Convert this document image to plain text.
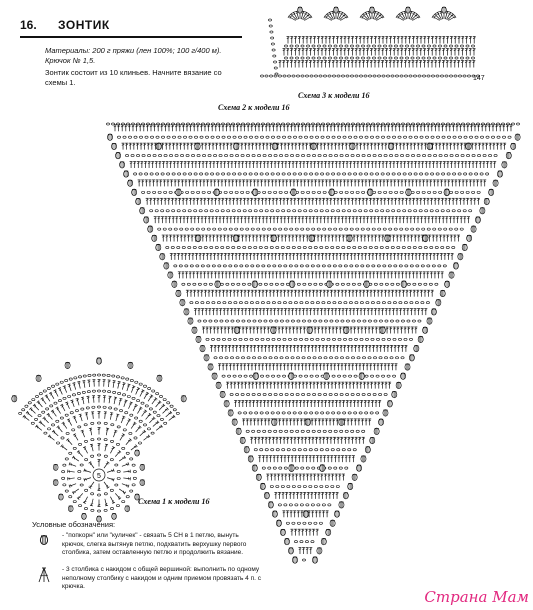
5
16. ЗОНТИК
Материалы: 200 г пряжи (лен 100%; 100 г/400 м). Крючок № 1,5.
Зонтик состоит из 10 клиньев. Начните вязание со схемы 1.
Схема 3 к модели 16
147
Схема 2 к модели 16
Схема 1 к модели 16
Условные обозначения:
- "попкорн" или "куличек" - связать 5 СН в 1 петлю, вынуть крючок, слегка вытянув петлю, подхватить верхушку первого столбика, затем оставленную петлю и продолжить вязание.
- 3 столбика с накидом с общей вершиной: выполнить по одному неполному столбику с накидом и одним приемом провязать 4 п. с крючка.
Страна Мам
